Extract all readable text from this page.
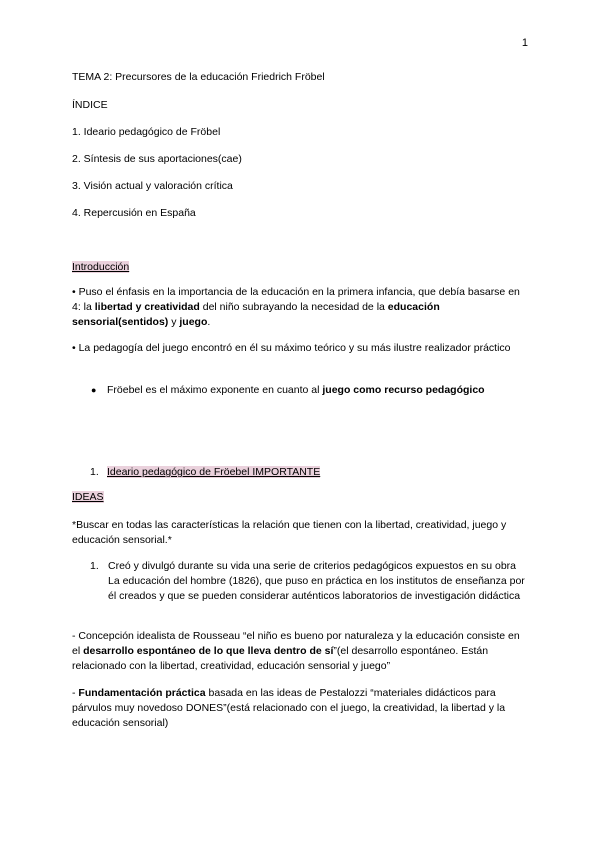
1

TEMA 2: Precursores de la educación Friedrich Fröbel

ÍNDICE

1. Ideario pedagógico de Fröbel

2. Síntesis de sus aportaciones(cae)

3. Visión actual y valoración crítica

4. Repercusión en España

Introducción

• Puso el énfasis en la importancia de la educación en la primera infancia, que debía basarse en 4: la libertad y creatividad del niño subrayando la necesidad de la educación sensorial(sentidos) y juego.

• La pedagogía del juego encontró en él su máximo teórico y su más ilustre realizador práctico

● Fröebel es el máximo exponente en cuanto al juego como recurso pedagógico

1. Ideario pedagógico de Fröebel IMPORTANTE

IDEAS

*Buscar en todas las características la relación que tienen con la libertad, creatividad, juego y educación sensorial.*

1. Creó y divulgó durante su vida una serie de criterios pedagógicos expuestos en su obra La educación del hombre (1826), que puso en práctica en los institutos de enseñanza por él creados y que se pueden considerar auténticos laboratorios de investigación didáctica

- Concepción idealista de Rousseau “el niño es bueno por naturaleza y la educación consiste en el desarrollo espontáneo de lo que lleva dentro de sí”(el desarrollo espontáneo. Están relacionado con la libertad, creatividad, educación sensorial y juego”

- Fundamentación práctica basada en las ideas de Pestalozzi “materiales didácticos para párvulos muy novedoso DONES”(está relacionado con el juego, la creatividad, la libertad y la educación sensorial)
